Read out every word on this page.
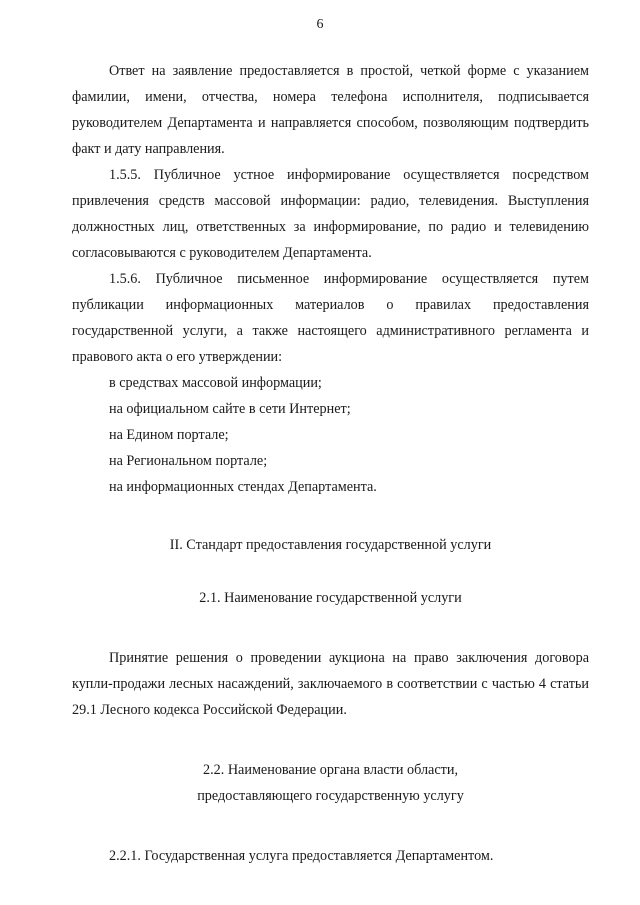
6

Ответ на заявление предоставляется в простой, четкой форме с указанием фамилии, имени, отчества, номера телефона исполнителя, подписывается руководителем Департамента и направляется способом, позволяющим подтвердить факт и дату направления.

1.5.5. Публичное устное информирование осуществляется посредством привлечения средств массовой информации: радио, телевидения. Выступления должностных лиц, ответственных за информирование, по радио и телевидению согласовываются с руководителем Департамента.

1.5.6. Публичное письменное информирование осуществляется путем публикации информационных материалов о правилах предоставления государственной услуги, а также настоящего административного регламента и правового акта о его утверждении:

в средствах массовой информации;

на официальном сайте в сети Интернет;

на Едином портале;

на Региональном портале;

на информационных стендах Департамента.

II. Стандарт предоставления государственной услуги

2.1. Наименование государственной услуги

Принятие решения о проведении аукциона на право заключения договора купли-продажи лесных насаждений, заключаемого в соответствии с частью 4 статьи 29.1 Лесного кодекса Российской Федерации.

2.2. Наименование органа власти области,

предоставляющего государственную услугу

2.2.1. Государственная услуга предоставляется Департаментом.
